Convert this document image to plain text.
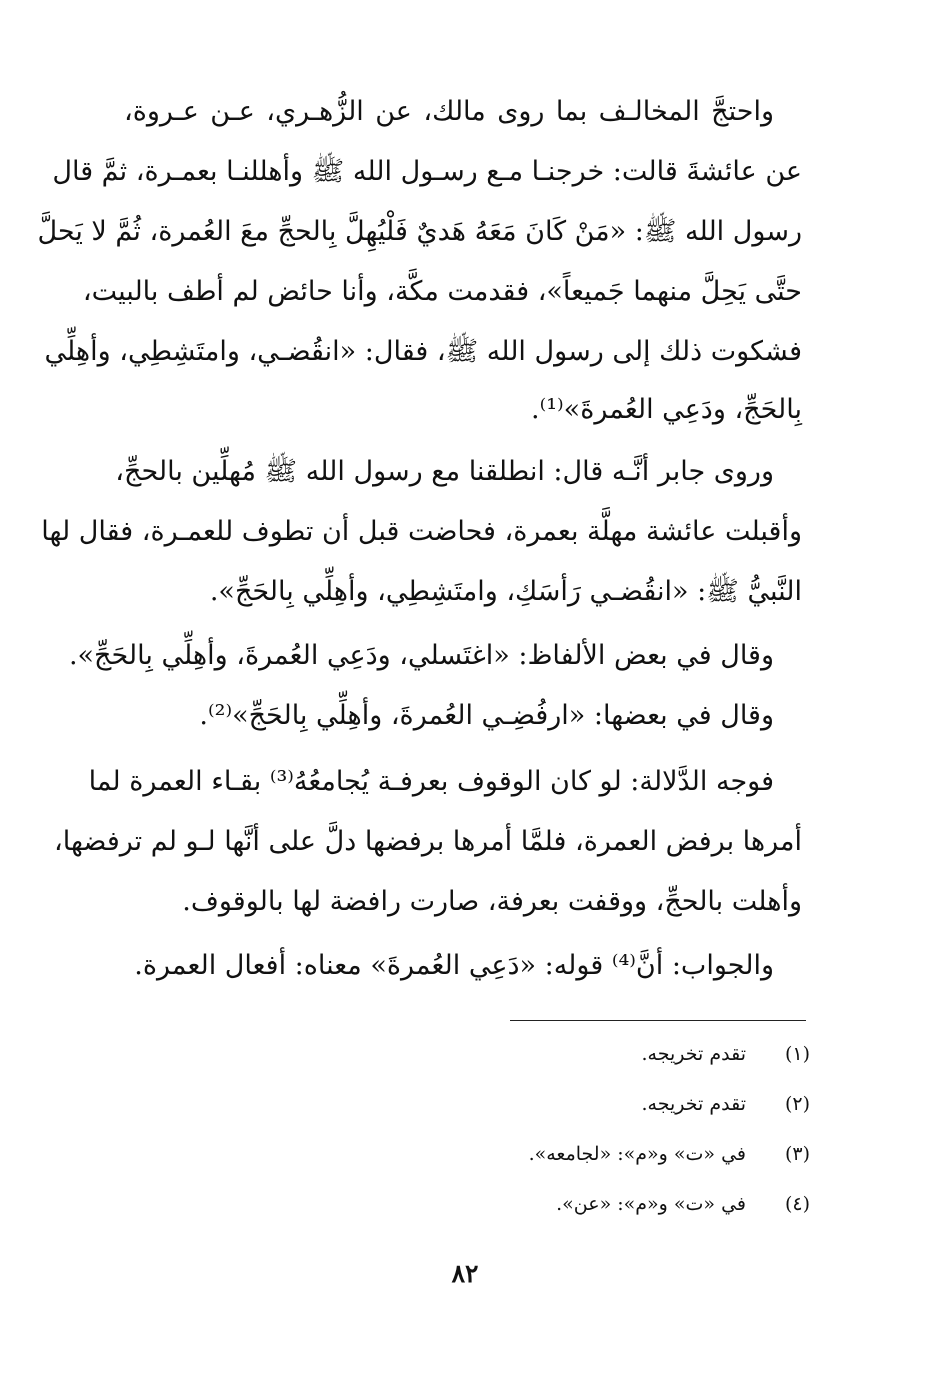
واحتجَّ المخالـف بما روى مالك، عن الزُّهـري، عـن عـروة،
عن عائشةَ قالت: خرجنـا مـع رسـول الله ﷺ وأهللنـا بعمـرة، ثمَّ قال
رسول الله ﷺ: «مَنْ كَانَ مَعَهُ هَديٌ فَلْيُهِلَّ بِالحجِّ معَ العُمرة، ثُمَّ لا يَحلَّ
حتَّى يَحِلَّ منهما جَميعاً»، فقدمت مكَّة، وأنا حائض لم أطف بالبيت،
فشكوت ذلك إلى رسول الله ﷺ، فقال: «انقُضـي، وامتَشِطِي، وأهِلِّي
بِالحَجِّ، ودَعِي العُمرةَ»⁽¹⁾.
وروى جابر أنَّـه قال: انطلقنا مع رسول الله ﷺ مُهلِّين بالحجِّ،
وأقبلت عائشة مهلَّة بعمرة، فحاضت قبل أن تطوف للعمـرة، فقال لها
النَّبيُّ ﷺ: «انقُضـي رَأسَكِ، وامتَشِطِي، وأهِلِّي بِالحَجِّ».
وقال في بعض الألفاظ: «اغتَسلي، ودَعِي العُمرةَ، وأهِلِّي بِالحَجِّ».
وقال في بعضها: «ارفُضِـي العُمرةَ، وأهِلِّي بِالحَجِّ»⁽²⁾.
فوجه الدَّلالة: لو كان الوقوف بعرفـة يُجامعُهُ⁽³⁾ بقـاء العمرة لما
أمرها برفض العمرة، فلمَّا أمرها برفضها دلَّ على أنَّها لـو لم ترفضها،
وأهلت بالحجِّ، ووقفت بعرفة، صارت رافضة لها بالوقوف.
والجواب: أنَّ⁽⁴⁾ قوله: «دَعِي العُمرةَ» معناه: أفعال العمرة.
(١)تقدم تخريجه.
(٢)تقدم تخريجه.
(٣)في «ت» و«م»: «لجامعه».
(٤)في «ت» و«م»: «عن».
٨٢
